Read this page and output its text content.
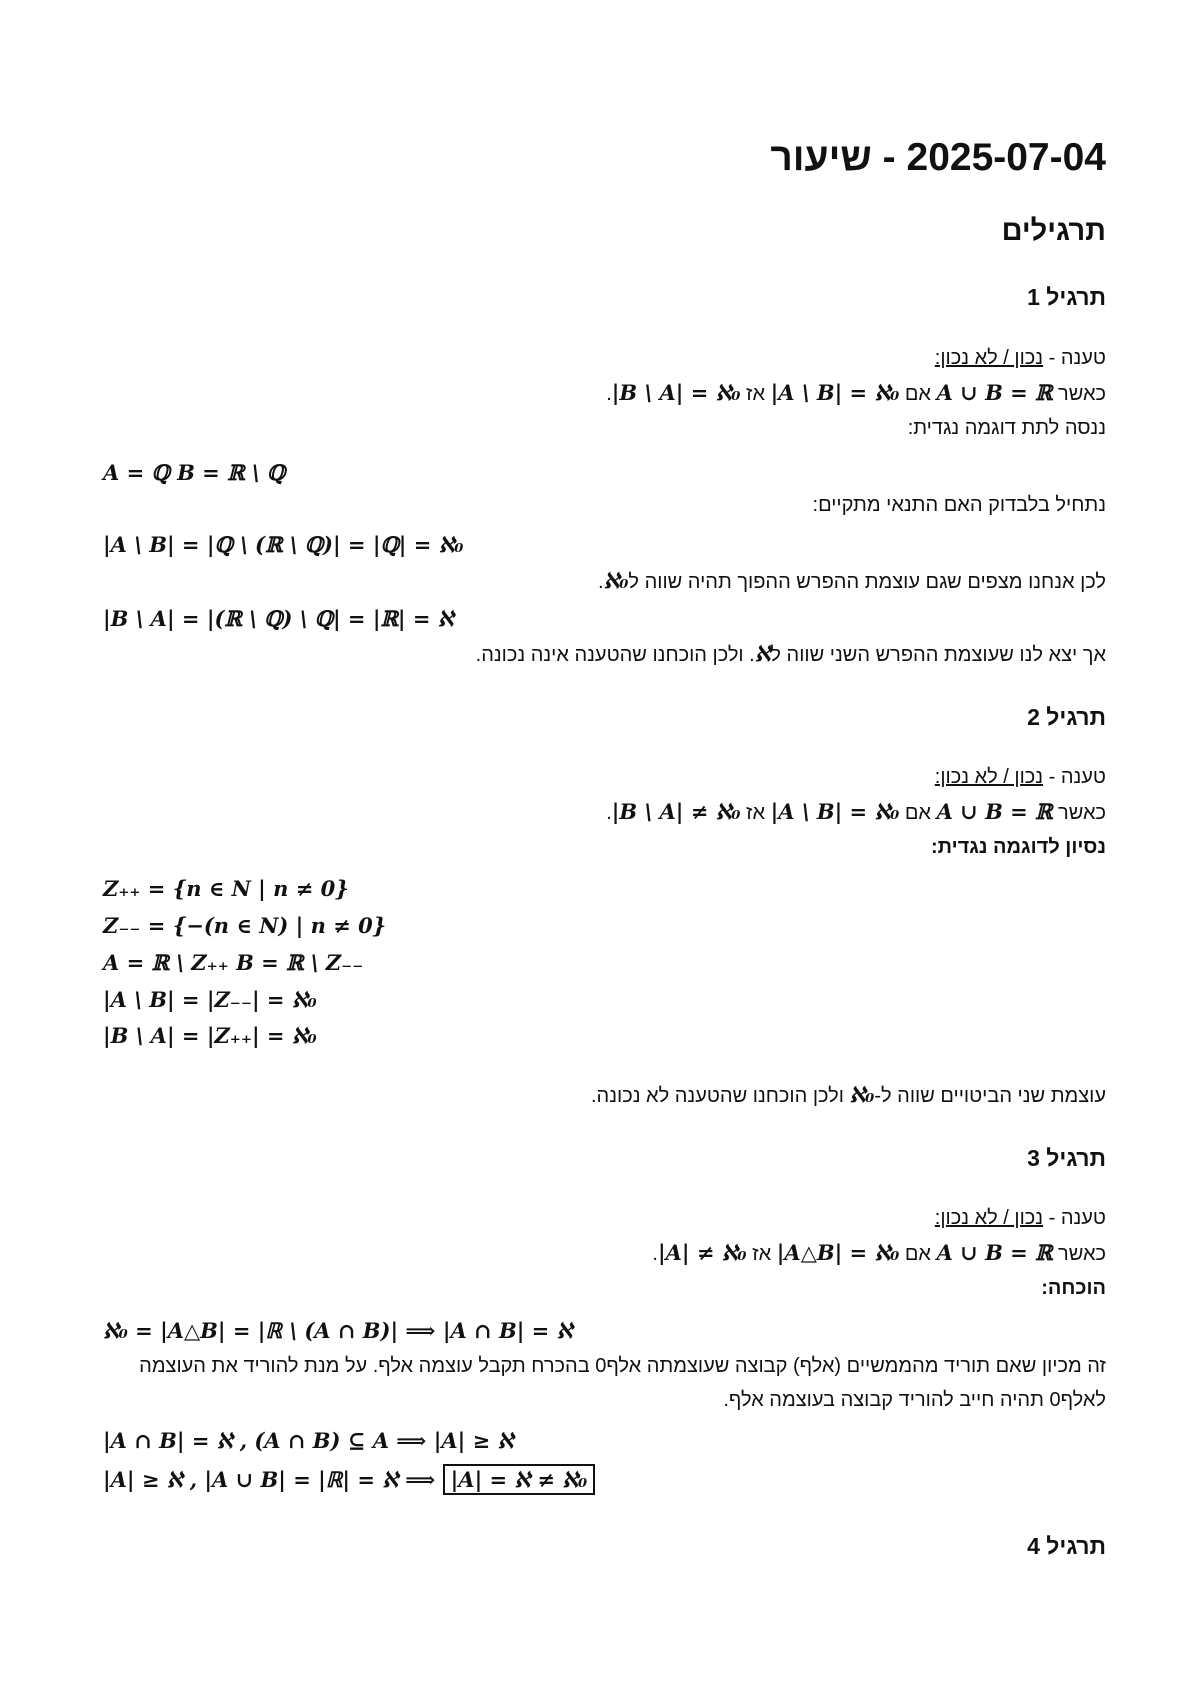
2025-07-04 - שיעור
תרגילים
תרגיל 1
טענה - נכון / לא נכון:
כאשר A ∪ B = ℝ אם |A \ B| = ℵ₀ אז |B \ A| = ℵ₀.
ננסה לתת דוגמה נגדית:
A = ℚ B = ℝ \ ℚ
נתחיל בלבדוק האם התנאי מתקיים:
|A \ B| = |ℚ \ (ℝ \ ℚ)| = |ℚ| = ℵ₀
לכן אנחנו מצפים שגם עוצמת ההפרש ההפוך תהיה שווה לℵ₀.
|B \ A| = |(ℝ \ ℚ) \ ℚ| = |ℝ| = ℵ
אך יצא לנו שעוצמת ההפרש השני שווה לℵ. ולכן הוכחנו שהטענה אינה נכונה.
תרגיל 2
טענה - נכון / לא נכון:
כאשר A ∪ B = ℝ אם |A \ B| = ℵ₀ אז |B \ A| ≠ ℵ₀.
נסיון לדוגמה נגדית:
Z₊₊ = {n ∈ N | n ≠ 0}
Z₋₋ = {−(n ∈ N) | n ≠ 0}
A = ℝ \ Z₊₊ B = ℝ \ Z₋₋
|A \ B| = |Z₋₋| = ℵ₀
|B \ A| = |Z₊₊| = ℵ₀
עוצמת שני הביטויים שווה ל-ℵ₀ ולכן הוכחנו שהטענה לא נכונה.
תרגיל 3
טענה - נכון / לא נכון:
כאשר A ∪ B = ℝ אם |A△B| = ℵ₀ אז |A| ≠ ℵ₀.
הוכחה:
ℵ₀ = |A△B| = |ℝ \ (A ∩ B)| ⟹ |A ∩ B| = ℵ
זה מכיון שאם תוריד מהממשיים (אלף) קבוצה שעוצמתה אלף0 בהכרח תקבל עוצמה אלף. על מנת להוריד את העוצמה לאלף0 תהיה חייב להוריד קבוצה בעוצמה אלף.
|A ∩ B| = ℵ , (A ∩ B) ⊆ A ⟹ |A| ≥ ℵ
|A| ≥ ℵ , |A ∪ B| = |ℝ| = ℵ ⟹ |A| = ℵ ≠ ℵ₀
תרגיל 4
